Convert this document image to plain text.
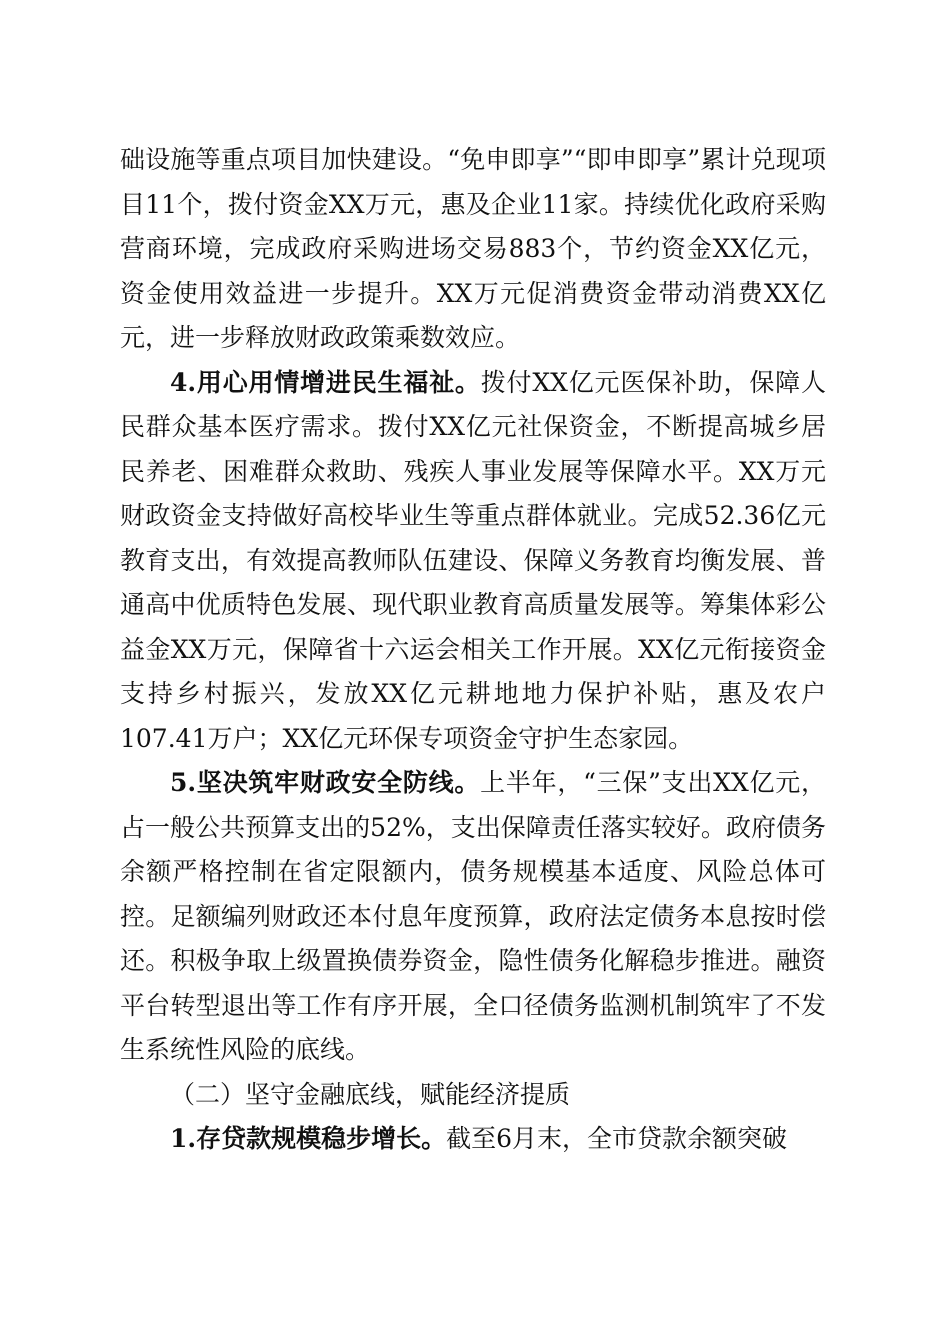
础设施等重点项目加快建设。“免申即享”“即申即享”累计兑现项目11个，拨付资金XX万元，惠及企业11家。持续优化政府采购营商环境，完成政府采购进场交易883个，节约资金XX亿元，资金使用效益进一步提升。XX万元促消费资金带动消费XX亿元，进一步释放财政政策乘数效应。

4.用心用情增进民生福祉。拨付XX亿元医保补助，保障人民群众基本医疗需求。拨付XX亿元社保资金，不断提高城乡居民养老、困难群众救助、残疾人事业发展等保障水平。XX万元财政资金支持做好高校毕业生等重点群体就业。完成52.36亿元教育支出，有效提高教师队伍建设、保障义务教育均衡发展、普通高中优质特色发展、现代职业教育高质量发展等。筹集体彩公益金XX万元，保障省十六运会相关工作开展。XX亿元衔接资金支持乡村振兴，发放XX亿元耕地地力保护补贴，惠及农户107.41万户；XX亿元环保专项资金守护生态家园。

5.坚决筑牢财政安全防线。上半年，“三保”支出XX亿元，占一般公共预算支出的52%，支出保障责任落实较好。政府债务余额严格控制在省定限额内，债务规模基本适度、风险总体可控。足额编列财政还本付息年度预算，政府法定债务本息按时偿还。积极争取上级置换债券资金，隐性债务化解稳步推进。融资平台转型退出等工作有序开展，全口径债务监测机制筑牢了不发生系统性风险的底线。

（二）坚守金融底线，赋能经济提质

1.存贷款规模稳步增长。截至6月末，全市贷款余额突破
